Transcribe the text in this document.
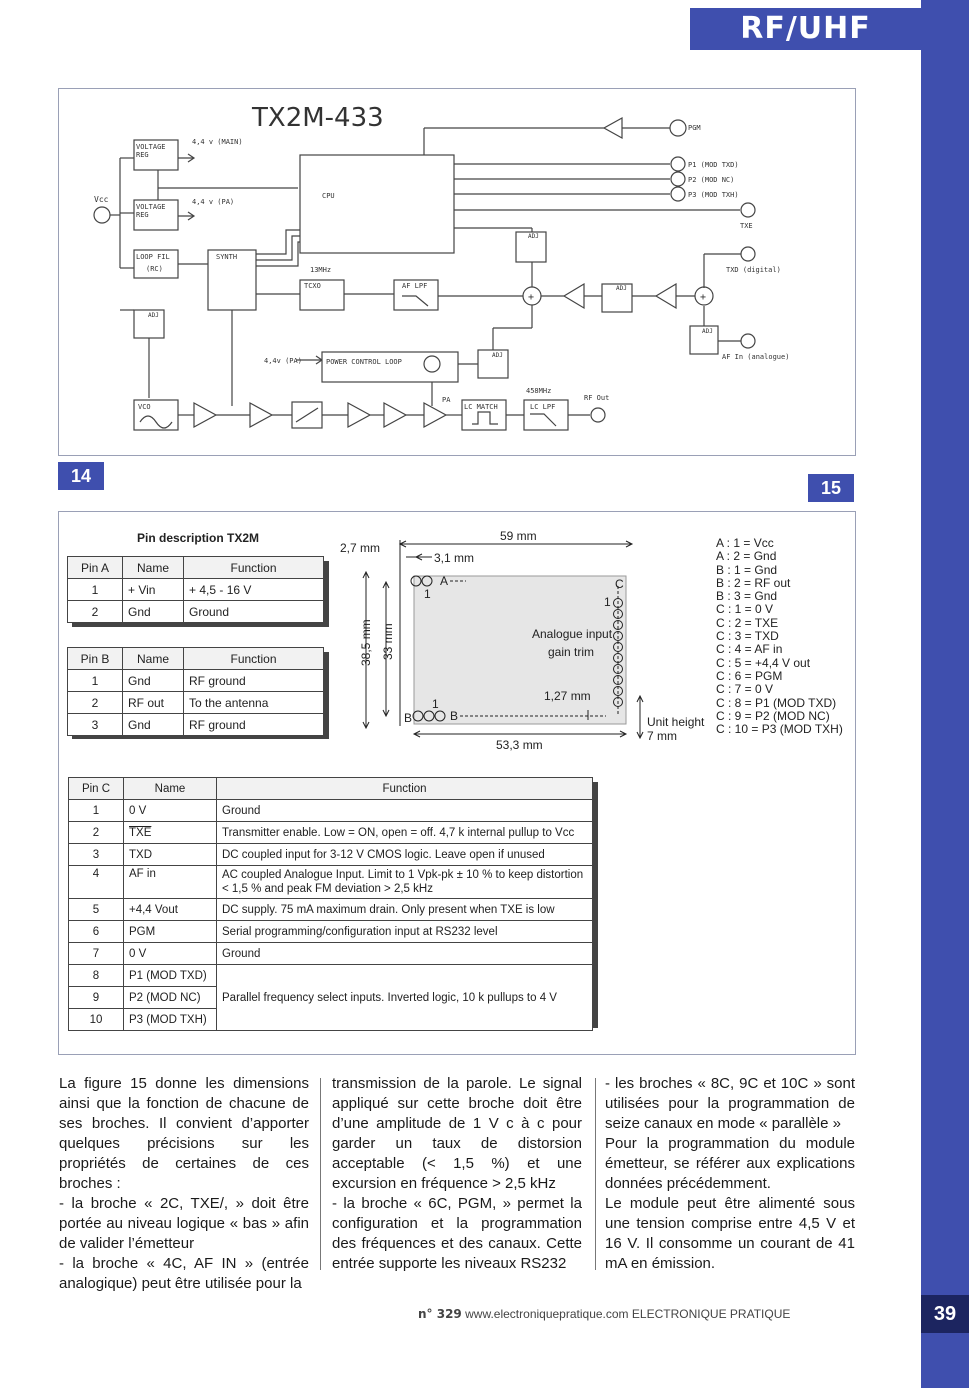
RF/UHF
TX2M-433
Vcc
VOLTAGE
REG
VOLTAGE
REG
4,4 v (MAIN)
4,4 v (PA)
CPU
PGM
P1 (MOD TXD)
P2 (MOD NC)
P3 (MOD TXH)
TXE
TXD (digital)
AF In (analogue)
ADJ
+
ADJ
+
ADJ
LOOP FIL
(RC)
SYNTH
13MHz
TCXO	AF LPF
ADJ
4,4v (PA)	POWER CONTROL LOOP
ADJ
VCO
PA
LC MATCH	LC LPF
458MHz
RF Out
14
15
Pin description TX2M
Pin A	Name	Function
1	+ Vin	+ 4,5 - 16 V
2	Gnd	Ground
Pin B	Name	Function
1	Gnd	RF ground
2	RF out	To the antenna
3	Gnd	RF ground
2,7 mm
59 mm
3,1 mm
38,5 mm 33 mm
A
1
C
1
Analogue input
gain trim
1,27 mm
1
B	B
53,3 mm
Unit height
7 mm
A : 1 = Vcc
A : 2 = Gnd
B : 1 = Gnd
B : 2 = RF out
B : 3 = Gnd
C : 1 = 0 V
C : 2 = TXE
C : 3 = TXD
C : 4 = AF in
C : 5 = +4,4 V out
C : 6 = PGM
C : 7 = 0 V
C : 8 = P1 (MOD TXD)
C : 9 = P2 (MOD NC)
C : 10 = P3 (MOD TXH)
Pin C	Name	Function
1	0 V	Ground
2	$\overline{TXE}$	Transmitter enable. Low = ON, open = off. 4,7 k internal pullup to Vcc
3	TXD	DC coupled input for 3-12 V CMOS logic. Leave open if unused
4	AF in	AC coupled Analogue Input. Limit to 1 Vpk-pk ± 10 % to keep distortion < 1,5 % and peak FM deviation > 2,5 kHz
5	+4,4 Vout	DC supply. 75 mA maximum drain. Only present when TXE is low
6	PGM	Serial programming/configuration input at RS232 level
7	0 V	Ground
8	P1 (MOD TXD)	Parallel frequency select inputs. Inverted logic, 10 k pullups to 4 V
9	P2 (MOD NC)	
10	P3 (MOD TXH)	
La figure 15 donne les dimensions ainsi que la fonction de chacune de ses broches. Il convient d’apporter quelques précisions sur les propriétés de certaines de ces broches :
- la broche « 2C, TXE/, » doit être portée au niveau logique « bas » afin de valider l’émetteur
- la broche « 4C, AF IN » (entrée analogique) peut être utilisée pour la
transmission de la parole. Le signal appliqué sur cette broche doit être d’une amplitude de 1 V c à c pour garder un taux de distorsion acceptable (< 1,5 %) et une excursion en fréquence > 2,5 kHz
- la broche « 6C, PGM, » permet la configuration et la programmation des fréquences et des canaux. Cette entrée supporte les niveaux RS232
- les broches « 8C, 9C et 10C » sont utilisées pour la programmation de seize canaux en mode « parallèle »
Pour la programmation du module émetteur, se référer aux explications données précédemment.
Le module peut être alimenté sous une tension comprise entre 4,5 V et 16 V. Il consomme un courant de 41 mA en émission.
n° 329 www.electroniquepratique.com ELECTRONIQUE PRATIQUE	39
